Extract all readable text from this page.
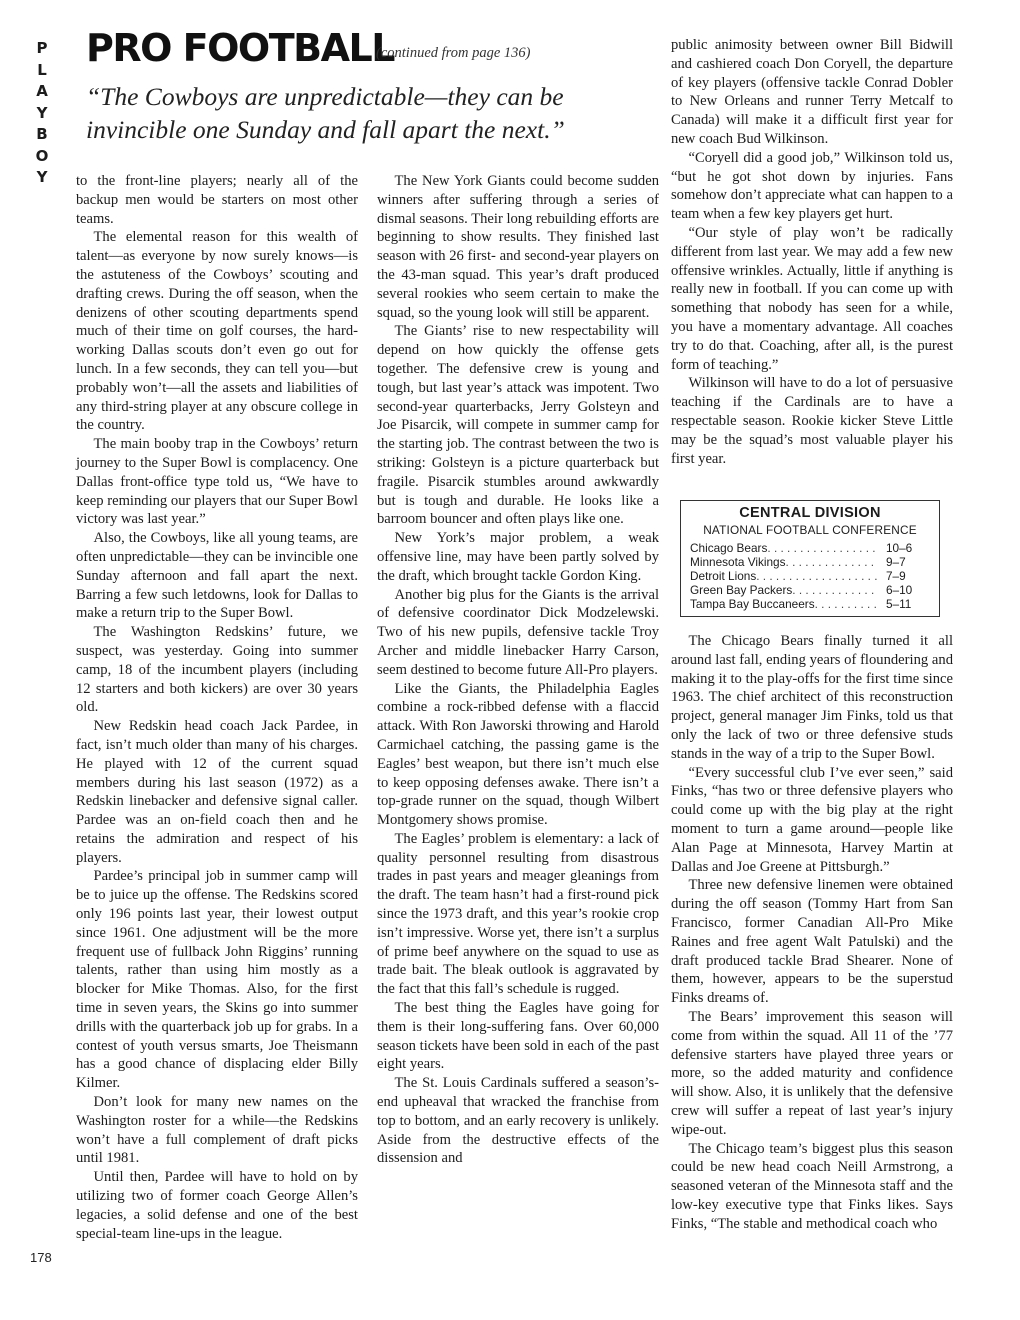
P
L
A
Y
B
O
Y
PRO FOOTBALL
(continued from page 136)

“The Cowboys are unpredictable—they can be invincible one Sunday and fall apart the next.”

to the front-line players; nearly all of the backup men would be starters on most other teams.

The elemental reason for this wealth of talent—as everyone by now surely knows—is the astuteness of the Cowboys’ scouting and drafting crews. During the off season, when the denizens of other scouting departments spend much of their time on golf courses, the hard-working Dallas scouts don’t even go out for lunch. In a few seconds, they can tell you—but probably won’t—all the assets and liabilities of any third-string player at any obscure college in the country.

The main booby trap in the Cowboys’ return journey to the Super Bowl is complacency. One Dallas front-office type told us, “We have to keep reminding our players that our Super Bowl victory was last year.”

Also, the Cowboys, like all young teams, are often unpredictable—they can be invincible one Sunday afternoon and fall apart the next. Barring a few such letdowns, look for Dallas to make a return trip to the Super Bowl.

The Washington Redskins’ future, we suspect, was yesterday. Going into summer camp, 18 of the incumbent players (including 12 starters and both kickers) are over 30 years old.

New Redskin head coach Jack Pardee, in fact, isn’t much older than many of his charges. He played with 12 of the current squad members during his last season (1972) as a Redskin linebacker and defensive signal caller. Pardee was an on-field coach then and he retains the admiration and respect of his players.

Pardee’s principal job in summer camp will be to juice up the offense. The Redskins scored only 196 points last year, their lowest output since 1961. One adjustment will be the more frequent use of fullback John Riggins’ running talents, rather than using him mostly as a blocker for Mike Thomas. Also, for the first time in seven years, the Skins go into summer drills with the quarterback job up for grabs. In a contest of youth versus smarts, Joe Theismann has a good chance of displacing elder Billy Kilmer.

Don’t look for many new names on the Washington roster for a while—the Redskins won’t have a full complement of draft picks until 1981.

Until then, Pardee will have to hold on by utilizing two of former coach George Allen’s legacies, a solid defense and one of the best special-team line-ups in the league.

The New York Giants could become sudden winners after suffering through a series of dismal seasons. Their long rebuilding efforts are beginning to show results. They finished last season with 26 first- and second-year players on the 43-man squad. This year’s draft produced several rookies who seem certain to make the squad, so the young look will still be apparent.

The Giants’ rise to new respectability will depend on how quickly the offense gets together. The defensive crew is young and tough, but last year’s attack was impotent. Two second-year quarterbacks, Jerry Golsteyn and Joe Pisarcik, will compete in summer camp for the starting job. The contrast between the two is striking: Golsteyn is a picture quarterback but fragile. Pisarcik stumbles around awkwardly but is tough and durable. He looks like a barroom bouncer and often plays like one.

New York’s major problem, a weak offensive line, may have been partly solved by the draft, which brought tackle Gordon King.

Another big plus for the Giants is the arrival of defensive coordinator Dick Modzelewski. Two of his new pupils, defensive tackle Troy Archer and middle linebacker Harry Carson, seem destined to become future All-Pro players.

Like the Giants, the Philadelphia Eagles combine a rock-ribbed defense with a flaccid attack. With Ron Jaworski throwing and Harold Carmichael catching, the passing game is the Eagles’ best weapon, but there isn’t much else to keep opposing defenses awake. There isn’t a top-grade runner on the squad, though Wilbert Montgomery shows promise.

The Eagles’ problem is elementary: a lack of quality personnel resulting from disastrous trades in past years and meager gleanings from the draft. The team hasn’t had a first-round pick since the 1973 draft, and this year’s rookie crop isn’t impressive. Worse yet, there isn’t a surplus of prime beef anywhere on the squad to use as trade bait. The bleak outlook is aggravated by the fact that this fall’s schedule is rugged.

The best thing the Eagles have going for them is their long-suffering fans. Over 60,000 season tickets have been sold in each of the past eight years.

The St. Louis Cardinals suffered a season’s-end upheaval that wracked the franchise from top to bottom, and an early recovery is unlikely. Aside from the destructive effects of the dissension and

public animosity between owner Bill Bidwill and cashiered coach Don Coryell, the departure of key players (offensive tackle Conrad Dobler to New Orleans and runner Terry Metcalf to Canada) will make it a difficult first year for new coach Bud Wilkinson.

“Coryell did a good job,” Wilkinson told us, “but he got shot down by injuries. Fans somehow don’t appreciate what can happen to a team when a few key players get hurt.

“Our style of play won’t be radically different from last year. We may add a few new offensive wrinkles. Actually, little if anything is really new in football. If you can come up with something that nobody has seen for a while, you have a momentary advantage. All coaches try to do that. Coaching, after all, is the purest form of teaching.”

Wilkinson will have to do a lot of persuasive teaching if the Cardinals are to have a respectable season. Rookie kicker Steve Little may be the squad’s most valuable player his first year.

CENTRAL DIVISION
NATIONAL FOOTBALL CONFERENCE
Chicago Bears . . .	10–6
Minnesota Vikings . . .	9–7
Detroit Lions . . .	7–9
Green Bay Packers . . .	6–10
Tampa Bay Buccaneers . . .	5–11

The Chicago Bears finally turned it all around last fall, ending years of floundering and making it to the play-offs for the first time since 1963. The chief architect of this reconstruction project, general manager Jim Finks, told us that only the lack of two or three defensive studs stands in the way of a trip to the Super Bowl.

“Every successful club I’ve ever seen,” said Finks, “has two or three defensive players who could come up with the big play at the right moment to turn a game around—people like Alan Page at Minnesota, Harvey Martin at Dallas and Joe Greene at Pittsburgh.”

Three new defensive linemen were obtained during the off season (Tommy Hart from San Francisco, former Canadian All-Pro Mike Raines and free agent Walt Patulski) and the draft produced tackle Brad Shearer. None of them, however, appears to be the superstud Finks dreams of.

The Bears’ improvement this season will come from within the squad. All 11 of the ’77 defensive starters have played three years or more, so the added maturity and confidence will show. Also, it is unlikely that the defensive crew will suffer a repeat of last year’s injury wipe-out.

The Chicago team’s biggest plus this season could be new head coach Neill Armstrong, a seasoned veteran of the Minnesota staff and the low-key executive type that Finks likes. Says Finks, “The stable and methodical coach who

178
